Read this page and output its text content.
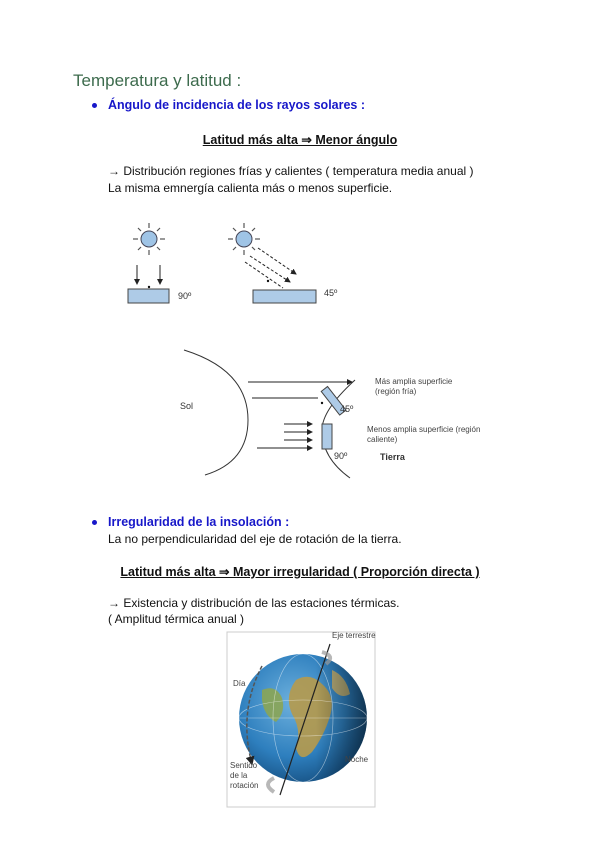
Temperatura y latitud :
Ángulo de incidencia de los rayos solares :
Latitud más alta ⇒ Menor ángulo
→ Distribución regiones frías y calientes ( temperatura media anual )
La misma emnergía calienta más o menos superficie.
90º	45º
Sol
Más amplia superficie
(región fría)
45º
Menos amplia superficie (región
caliente)
90º	Tierra
Irregularidad de la insolación :
La no perpendicularidad del eje de rotación de la tierra.
Latitud más alta ⇒ Mayor irregularidad ( Proporción directa )
→ Existencia y distribución de las estaciones térmicas.
( Amplitud térmica anual )
Eje terrestre
Día
Noche
Sentido
de la
rotación
